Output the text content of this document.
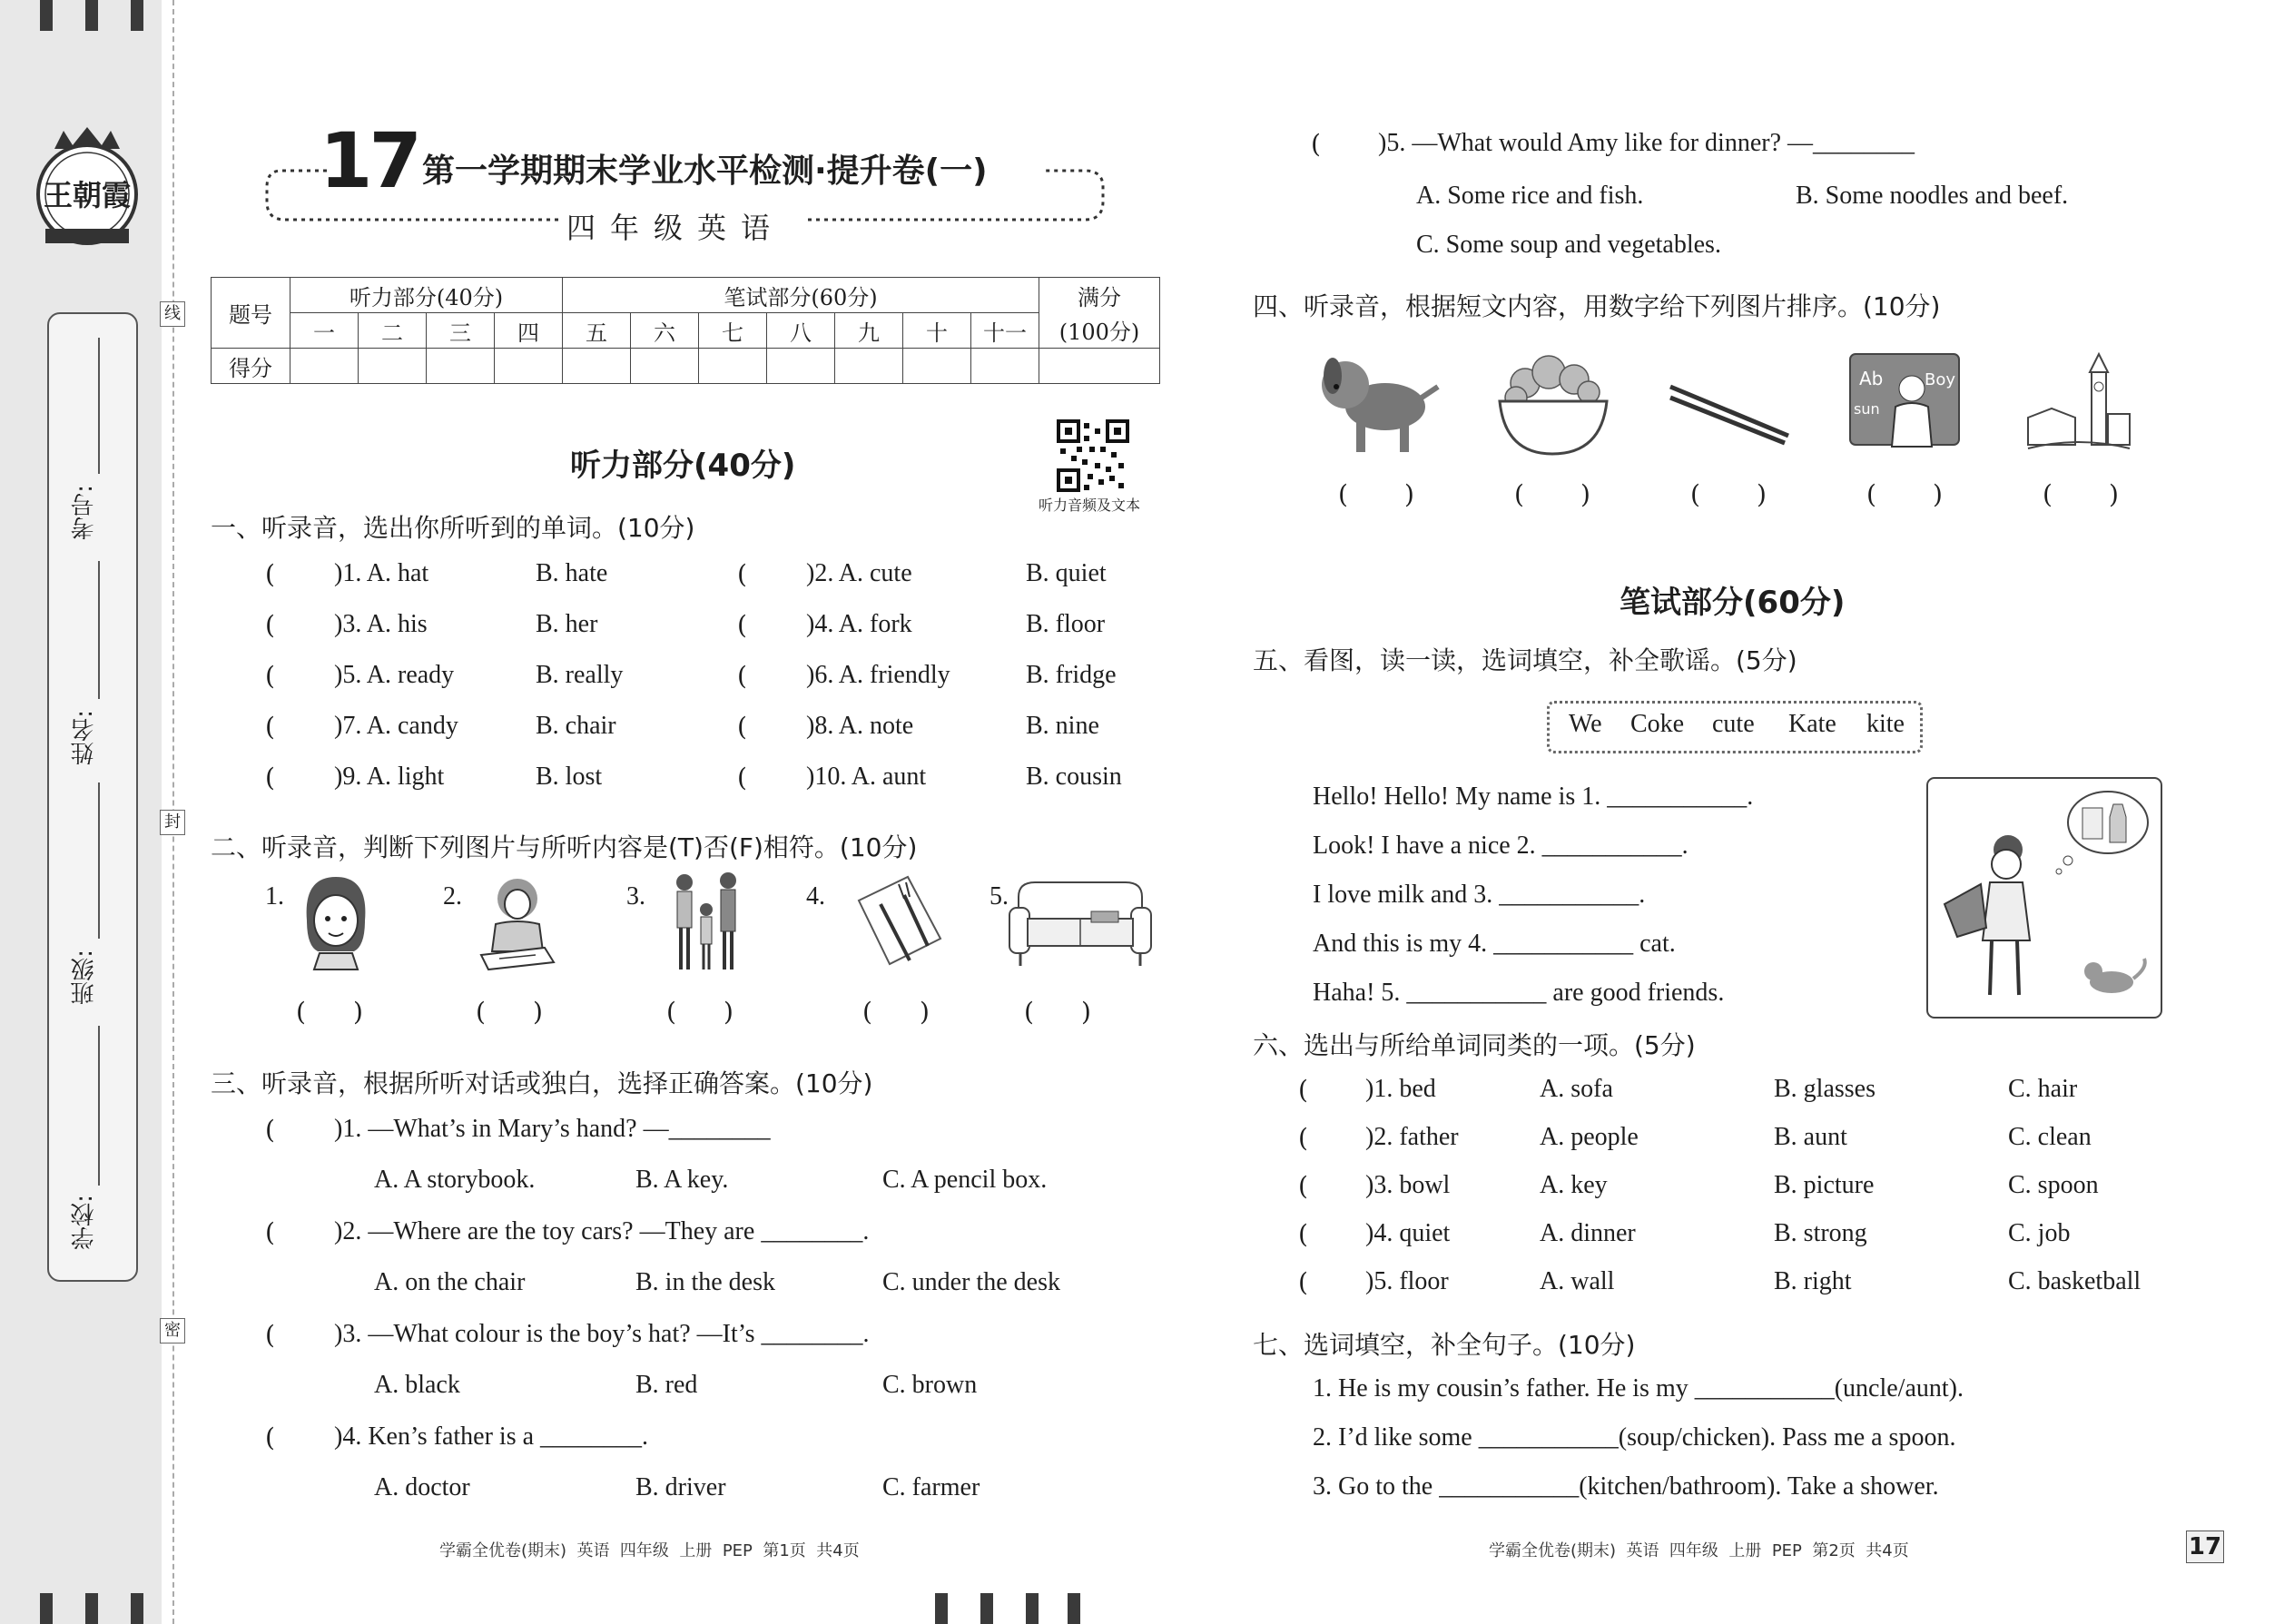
王朝霞
考号:
姓名:
班级:
学校:
线
封
密
17 第一学期期末学业水平检测·提升卷(一)
四年级英语
题号	听力部分(40分)				笔试部分(60分)							满分
	一	二	三	四	五	六	七	八	九	十	十一	(100分)
得分												
听力部分(40分)
听力音频及文本
一、听录音，选出你所听到的单词。(10分)
( )1. A. hat	B. hate	( )2. A. cute	B. quiet
( )3. A. his	B. her	( )4. A. fork	B. floor
( )5. A. ready	B. really	( )6. A. friendly	B. fridge
( )7. A. candy	B. chair	( )8. A. note	B. nine
( )9. A. light	B. lost	( )10. A. aunt	B. cousin
二、听录音，判断下列图片与所听内容是(T)否(F)相符。(10分)
1.	2.	3.	4.	5.
( )	( )	( )	( )	( )
三、听录音，根据所听对话或独白，选择正确答案。(10分)
( )1. —What’s in Mary’s hand? —________
A. A storybook.	B. A key.	C. A pencil box.
( )2. —Where are the toy cars? —They are ________.
A. on the chair	B. in the desk	C. under the desk
( )3. —What colour is the boy’s hat? —It’s ________.
A. black	B. red	C. brown
( )4. Ken’s father is a ________.
A. doctor	B. driver	C. farmer
( )5. —What would Amy like for dinner? —________
A. Some rice and fish.	B. Some noodles and beef.
C. Some soup and vegetables.
四、听录音，根据短文内容，用数字给下列图片排序。(10分)
Ab	Boy
sun
( )	( )	( )	( )	( )
笔试部分(60分)
五、看图，读一读，选词填空，补全歌谣。(5分)
We Coke cute Kate kite
Hello! Hello! My name is 1. ___________.
Look! I have a nice 2. ___________.
I love milk and 3. ___________.
And this is my 4. ___________ cat.
Haha! 5. ___________ are good friends.
六、选出与所给单词同类的一项。(5分)
( )1. bed	A. sofa	B. glasses	C. hair
( )2. father	A. people	B. aunt	C. clean
( )3. bowl	A. key	B. picture	C. spoon
( )4. quiet	A. dinner	B. strong	C. job
( )5. floor	A. wall	B. right	C. basketball
七、选词填空，补全句子。(10分)
1. He is my cousin’s father. He is my ___________(uncle/aunt).
2. I’d like some ___________(soup/chicken). Pass me a spoon.
3. Go to the ___________(kitchen/bathroom). Take a shower.
学霸全优卷(期末)  英语  四年级  上册  PEP  第1页  共4页	学霸全优卷(期末)  英语  四年级  上册  PEP  第2页  共4页	17
